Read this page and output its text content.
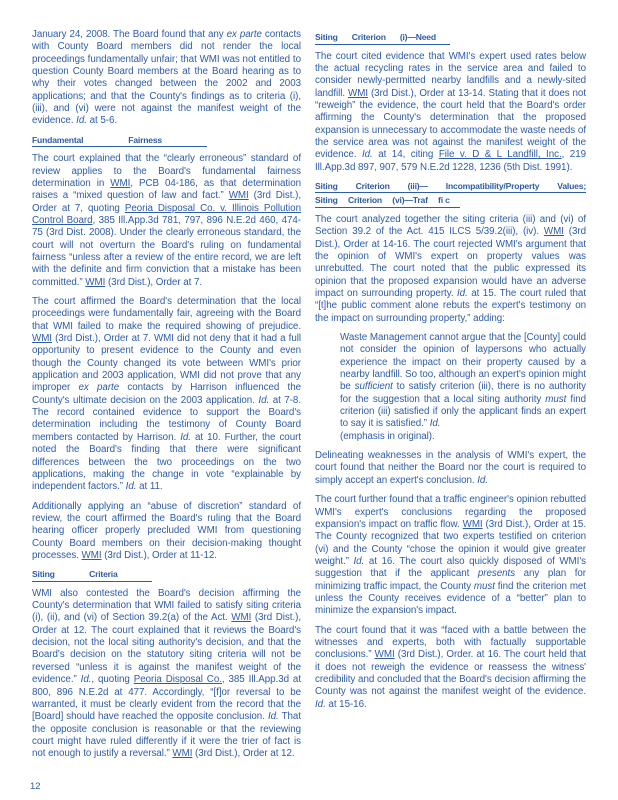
January 24, 2008. The Board found that any ex parte contacts with County Board members did not render the local proceedings fundamentally unfair; that WMI was not entitled to question County Board members at the Board hearing as to why their votes changed between the 2002 and 2003 applications; and that the County's findings as to criteria (i), (iii), and (vi) were not against the manifest weight of the evidence. Id. at 5-6.
Fundamental	Fairness
The court explained that the “clearly erroneous” standard of review applies to the Board's fundamental fairness determination in WMI, PCB 04-186, as that determination raises a “mixed question of law and fact.” WMI (3rd Dist.), Order at 7, quoting Peoria Disposal Co. v. Illinois Pollution Control Board, 385 Ill.App.3d 781, 797, 896 N.E.2d 460, 474-75 (3rd Dist. 2008). Under the clearly erroneous standard, the court will not overturn the Board's ruling on fundamental fairness “unless after a review of the entire record, we are left with the definite and firm conviction that a mistake has been committed.” WMI (3rd Dist.), Order at 7.
The court affirmed the Board's determination that the local proceedings were fundamentally fair, agreeing with the Board that WMI failed to make the required showing of prejudice. WMI (3rd Dist.), Order at 7. WMI did not deny that it had a full opportunity to present evidence to the County and even though the County changed its vote between WMI's prior application and 2003 application, WMI did not prove that any improper ex parte contacts by Harrison influenced the County's ultimate decision on the 2003 application. Id. at 7-8. The record contained evidence to support the Board's determination including the testimony of County Board members contacted by Harrison. Id. at 10. Further, the court noted the Board's finding that there were significant differences between the two proceedings on the two applications, making the change in vote “explainable by independent factors.” Id. at 11.
Additionally applying an “abuse of discretion” standard of review, the court affirmed the Board's ruling that the Board hearing officer properly precluded WMI from questioning County Board members on their decision-making thought processes. WMI (3rd Dist.), Order at 11-12.
Siting	Criteria
WMI also contested the Board's decision affirming the County's determination that WMI failed to satisfy siting criteria (i), (ii), and (vi) of Section 39.2(a) of the Act. WMI (3rd Dist.), Order at 12. The court explained that it reviews the Board's decision, not the local siting authority's decision, and that the Board's decision on the statutory siting criteria will not be reversed “unless it is against the manifest weight of the evidence.” Id., quoting Peoria Disposal Co., 385 Ill.App.3d at 800, 896 N.E.2d at 477. Accordingly, “[f]or reversal to be warranted, it must be clearly evident from the record that the [Board] should have reached the opposite conclusion. Id. That the opposite conclusion is reasonable or that the reviewing court might have ruled differently if it were the trier of fact is not enough to justify a reversal.” WMI (3rd Dist.), Order at 12.
Siting Criterion (i)—Need
The court cited evidence that WMI's expert used rates below the actual recycling rates in the service area and failed to consider newly-permitted nearby landfills and a newly-sited landfill. WMI (3rd Dist.), Order at 13-14. Stating that it does not “reweigh” the evidence, the court held that the Board's order affirming the County's determination that the proposed expansion is unnecessary to accommodate the waste needs of the service area was not against the manifest weight of the evidence. Id. at 14, citing File v. D & L Landfill, Inc., 219 Ill.App.3d 897, 907, 579 N.E.2d 1228, 1236 (5th Dist. 1991).
Siting Criterion (iii)— Incompatibility/Property Values;
Siting Criterion (vi)—Traf fi c
The court analyzed together the siting criteria (iii) and (vi) of Section 39.2 of the Act. 415 ILCS 5/39.2(iii), (iv). WMI (3rd Dist.), Order at 14-16. The court rejected WMI's argument that the opinion of WMI's expert on property values was unrebutted. The court noted that the public expressed its opinion that the proposed expansion would have an adverse impact on surrounding property. Id. at 15. The court ruled that “[t]he public comment alone rebuts the expert's testimony on the impact on surrounding property,” adding:
Waste Management cannot argue that the [County] could not consider the opinion of laypersons who actually experience the impact on their property caused by a nearby landfill. So too, although an expert's opinion might be sufficient to satisfy criterion (iii), there is no authority for the suggestion that a local siting authority must find criterion (iii) satisfied if only the applicant finds an expert to say it is satisfied.” Id.
(emphasis in original).
Delineating weaknesses in the analysis of WMI's expert, the court found that neither the Board nor the court is required to simply accept an expert's conclusion. Id.
The court further found that a traffic engineer's opinion rebutted WMI's expert's conclusions regarding the proposed expansion's impact on traffic flow. WMI (3rd Dist.), Order at 15. The County recognized that two experts testified on criterion (vi) and the County “chose the opinion it would give greater weight.” Id. at 16. The court also quickly disposed of WMI's suggestion that if the applicant presents any plan for minimizing traffic impact, the County must find the criterion met unless the County receives evidence of a “better” plan to minimize the expansion's impact.
The court found that it was “faced with a battle between the witnesses and experts, both with factually supportable conclusions.” WMI (3rd Dist.), Order. at 16. The court held that it does not reweigh the evidence or reassess the witness' credibility and concluded that the Board's decision affirming the County was not against the manifest weight of the evidence. Id. at 15-16.
12
